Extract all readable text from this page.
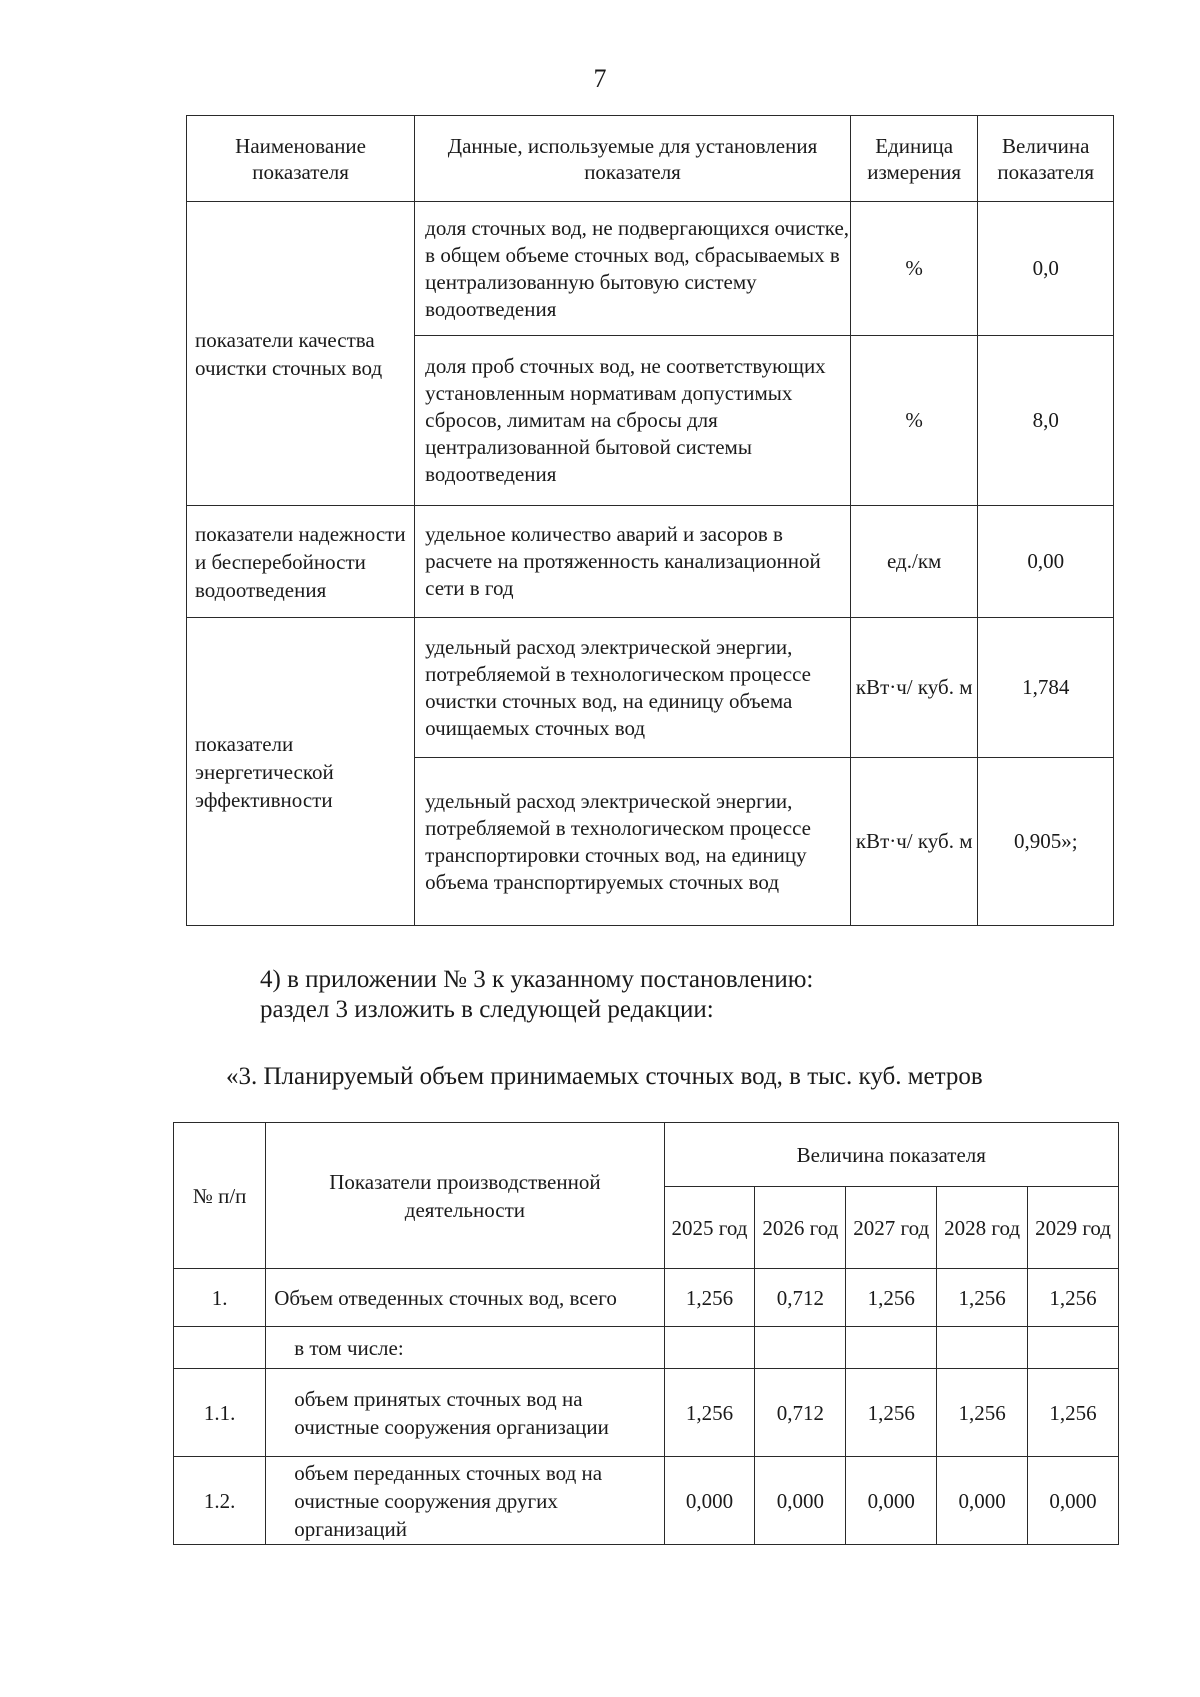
7
Наименование показателя	Данные, используемые для установления показателя	Единица измерения	Величина показателя
показатели качества очистки сточных вод	доля сточных вод, не подвергающихся очистке, в общем объеме сточных вод, сбрасываемых в централизованную бытовую систему водоотведения	%	0,0
	доля проб сточных вод, не соответствующих установленным нормативам допустимых сбросов, лимитам на сбросы для централизованной бытовой системы водоотведения	%	8,0
показатели надежности и бесперебойности водоотведения	удельное количество аварий и засоров в расчете на протяженность канализационной сети в год	ед./км	0,00
показатели энергетической эффективности	удельный расход электрической энергии, потребляемой в технологическом процессе очистки сточных вод, на единицу объема очищаемых сточных вод	кВт·ч/ куб. м	1,784
	удельный расход электрической энергии, потребляемой в технологическом процессе транспортировки сточных вод, на единицу объема транспортируемых сточных вод	кВт·ч/ куб. м	0,905»;
4) в приложении № 3 к указанному постановлению:
раздел 3 изложить в следующей редакции:
«3. Планируемый объем принимаемых сточных вод, в тыс. куб. метров
№ п/п	Показатели производственной деятельности	Величина показателя				
		2025 год	2026 год	2027 год	2028 год	2029 год
1.	Объем отведенных сточных вод, всего	1,256	0,712	1,256	1,256	1,256
	в том числе:					
1.1.	объем принятых сточных вод на очистные сооружения организации	1,256	0,712	1,256	1,256	1,256
1.2.	объем переданных сточных вод на очистные сооружения других организаций	0,000	0,000	0,000	0,000	0,000
